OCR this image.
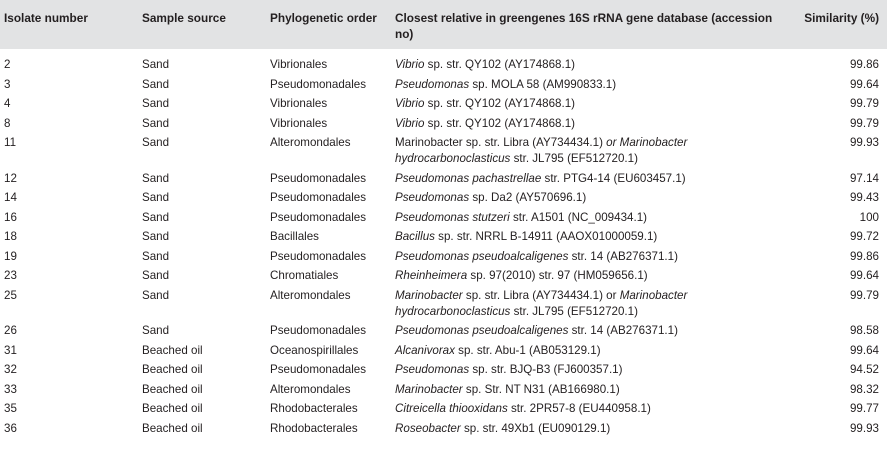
Isolate number	Sample source	Phylogenetic order	Closest relative in greengenes 16S rRNA gene database (accession no)	Similarity (%)

2	Sand	Vibrionales	Vibrio sp. str. QY102 (AY174868.1)	99.86
3	Sand	Pseudomonadales	Pseudomonas sp. MOLA 58 (AM990833.1)	99.64
4	Sand	Vibrionales	Vibrio sp. str. QY102 (AY174868.1)	99.79
8	Sand	Vibrionales	Vibrio sp. str. QY102 (AY174868.1)	99.79
11	Sand	Alteromondales	Marinobacter sp. str. Libra (AY734434.1) or Marinobacter
hydrocarbonoclasticus str. JL795 (EF512720.1)	99.93
12	Sand	Pseudomonadales	Pseudomonas pachastrellae str. PTG4-14 (EU603457.1)	97.14
14	Sand	Pseudomonadales	Pseudomonas sp. Da2 (AY570696.1)	99.43
16	Sand	Pseudomonadales	Pseudomonas stutzeri str. A1501 (NC_009434.1)	100
18	Sand	Bacillales	Bacillus sp. str. NRRL B-14911 (AAOX01000059.1)	99.72
19	Sand	Pseudomonadales	Pseudomonas pseudoalcaligenes str. 14 (AB276371.1)	99.86
23	Sand	Chromatiales	Rheinheimera sp. 97(2010) str. 97 (HM059656.1)	99.64
25	Sand	Alteromondales	Marinobacter sp. str. Libra (AY734434.1) or Marinobacter
hydrocarbonoclasticus str. JL795 (EF512720.1)	99.79
26	Sand	Pseudomonadales	Pseudomonas pseudoalcaligenes str. 14 (AB276371.1)	98.58
31	Beached oil	Oceanospirillales	Alcanivorax sp. str. Abu-1 (AB053129.1)	99.64
32	Beached oil	Pseudomonadales	Pseudomonas sp. str. BJQ-B3 (FJ600357.1)	94.52
33	Beached oil	Alteromondales	Marinobacter sp. Str. NT N31 (AB166980.1)	98.32
35	Beached oil	Rhodobacterales	Citreicella thiooxidans str. 2PR57-8 (EU440958.1)	99.77
36	Beached oil	Rhodobacterales	Roseobacter sp. str. 49Xb1 (EU090129.1)	99.93
